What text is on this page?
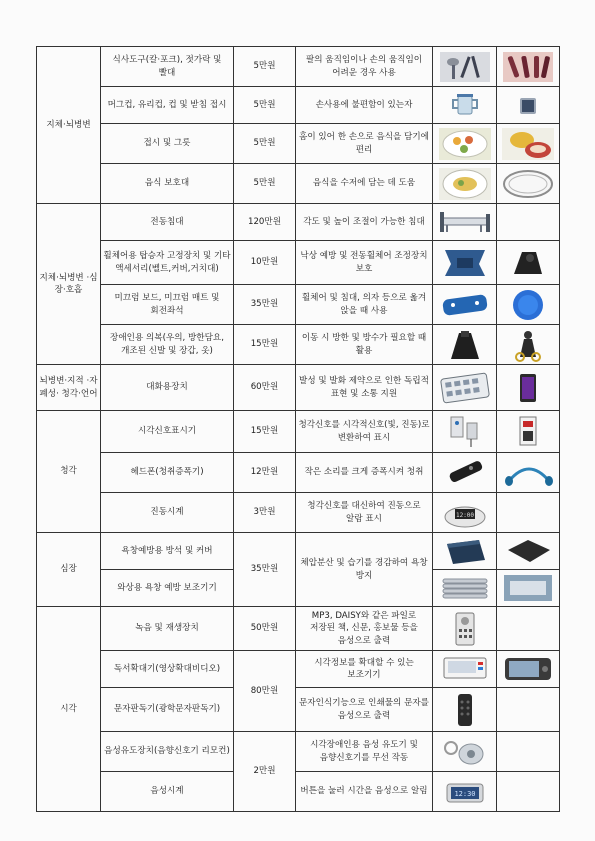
지체·뇌병변	식사도구(칼·포크), 젓가락 및 빨대	5만원	팔의 움직임이나 손의 움직임이 어려운 경우 사용	

	머그컵, 유리컵, 컵 및 받침 접시	5만원	손사용에 불편함이 있는자	

	접시 및 그릇	5만원	홈이 있어 한 손으로 음식을 담기에 편리	

	음식 보호대	5만원	음식을 수저에 담는 데 도움	

지체·뇌병변 ·심장·호흡	전동침대	120만원	각도 및 높이 조절이 가능한 침대	

	휠체어용 탑승자 고정장치 및 기타 액세서리(벨트,커버,거치대)	10만원	낙상 예방 및 전동휠체어 조정장치 보호	

	미끄럼 보드, 미끄럼 매트 및 회전좌석	35만원	휠체어 및 침대, 의자 등으로 옮겨 앉을 때 사용	

	장애인용 의복(우의, 방한담요, 개조된 신발 및 장갑, 옷)	15만원	이동 시 방한 및 방수가 필요할 때 활용	

뇌병변·지적 ·자폐성· 청각·언어	대화용장치	60만원	발성 및 발화 제약으로 인한 독립적 표현 및 소통 지원	

청각	시각신호표시기	15만원	청각신호를 시각적신호(빛, 진동)로 변환하여 표시	

	헤드폰(청취증폭기)	12만원	작은 소리를 크게 증폭시켜 청취	

	진동시계	3만원	청각신호를 대신하여 진동으로 알람 표시	12:00	

심장	욕창예방용 방석 및 커버	35만원	체압분산 및 습기를 경감하여 욕창 방지	

	와상용 욕창 예방 보조기기	

시각	녹음 및 재생장치	50만원	MP3, DAISY와 같은 파일로 저장된 책, 신문, 홍보물 등을 음성으로 출력	

	독서확대기(영상확대비디오)	80만원	시각정보를 확대할 수 있는 보조기기	

	문자판독기(광학문자판독기)		문자인식기능으로 인쇄물의 문자를 음성으로 출력	

	음성유도장치(음향신호기 리모컨)	2만원	시각장애인용 음성 유도기 및 음향신호기를 무선 작동	

	음성시계		버튼을 눌러 시간을 음성으로 알림	12:30	
